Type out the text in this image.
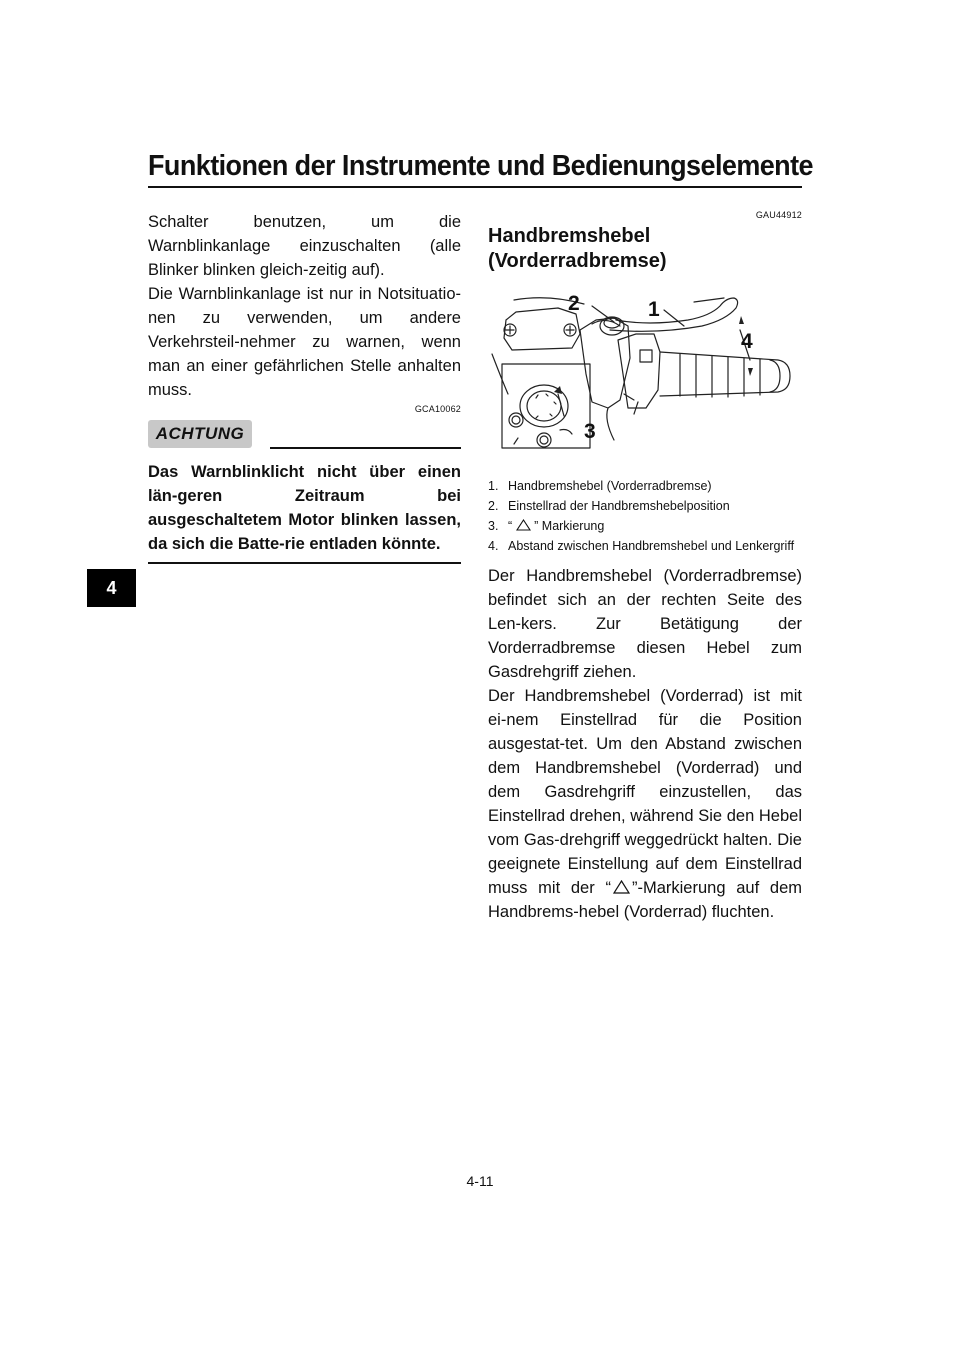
Funktionen der Instrumente und Bedienungselemente
4

Schalter benutzen, um die Warnblinkanlage einzuschalten (alle Blinker blinken gleich-zeitig auf).

Die Warnblinkanlage ist nur in Notsituatio-nen zu verwenden, um andere Verkehrsteil-nehmer zu warnen, wenn man an einer gefährlichen Stelle anhalten muss.

GCA10062
ACHTUNG

Das Warnblinklicht nicht über einen län-geren Zeitraum bei ausgeschaltetem Motor blinken lassen, da sich die Batte-rie entladen könnte.

GAU44912
Handbremshebel
(Vorderradbremse)
2	1
3
4
1. Handbremshebel (Vorderradbremse)
2. Einstellrad der Handbremshebelposition
3. “ ” Markierung
4. Abstand zwischen Handbremshebel und Lenkergriff

Der Handbremshebel (Vorderradbremse) befindet sich an der rechten Seite des Len-kers. Zur Betätigung der Vorderradbremse diesen Hebel zum Gasdrehgriff ziehen.

Der Handbremshebel (Vorderrad) ist mit ei-nem Einstellrad für die Position ausgestat-tet. Um den Abstand zwischen dem Handbremshebel (Vorderrad) und dem Gasdrehgriff einzustellen, das Einstellrad drehen, während Sie den Hebel vom Gas-drehgriff weggedrückt halten. Die geeignete Einstellung auf dem Einstellrad muss mit der “ ”-Markierung auf dem Handbrems-hebel (Vorderrad) fluchten.

4-11
